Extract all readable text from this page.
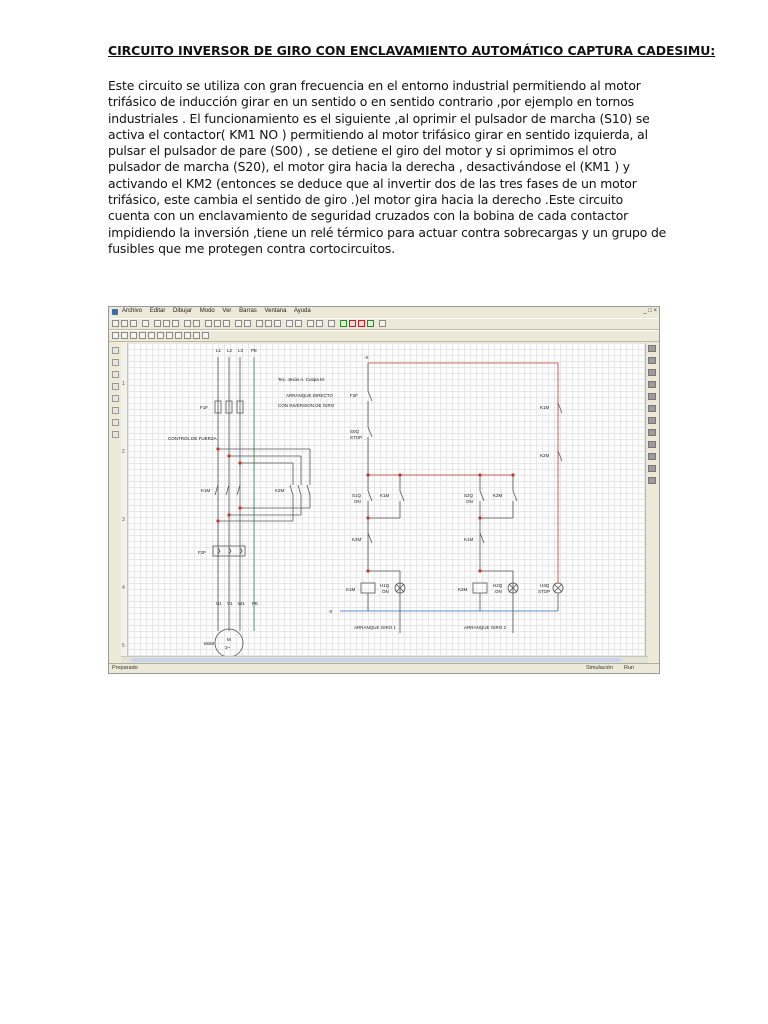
CIRCUITO INVERSOR DE GIRO CON ENCLAVAMIENTO AUTOMÁTICO CAPTURA CADESIMU:
Este circuito se utiliza con gran frecuencia en el entorno industrial permitiendo al motor trifásico de inducción girar en un sentido o en sentido contrario ,por ejemplo en tornos industriales . El funcionamiento es el siguiente ,al oprimir el pulsador de marcha (S10) se activa el contactor( KM1 NO ) permitiendo al motor trifásico girar en sentido izquierda, al pulsar el pulsador de pare (S00) , se detiene el giro del motor y si oprimimos el otro pulsador de marcha (S20), el motor gira hacia la derecha , desactivándose el (KM1 ) y activando el KM2 (entonces se deduce que al invertir dos de las tres fases de un motor trifásico, este cambia el sentido de giro .)el motor gira hacia la derecho .Este circuito cuenta con un enclavamiento de seguridad cruzados con la bobina de cada contactor impidiendo la inversión ,tiene un relé térmico para actuar contra sobrecargas y un grupo de fusibles que me protegen contra cortocircuitos.
Archivo Editar Dibujar Modo Ver Barras Ventana Ayuda	_ □ ×
1
2
3
4
5
L1 L2 L3 PE
F1F
Tec. Jesús A. Cutipa M.
ARRANQUE DIRECTO
CON INVERSION DE GIRO
CONTROL DE FUERZA
K1M	K2M
F2F
U1 V1 W1 PE
M1M
M
3~
-X
F2F
S0Q
STOP
S1Q
ON
K1M	S2Q
ON
K2M
K2M	K1M
K1M
K2M
K1M	K2M
H1Q
ON
H2Q
ON
H3Q
STOP
-X
ARRANQUE GIRO 1	ARRANQUE GIRO 2
Preparado	Simulación Run
